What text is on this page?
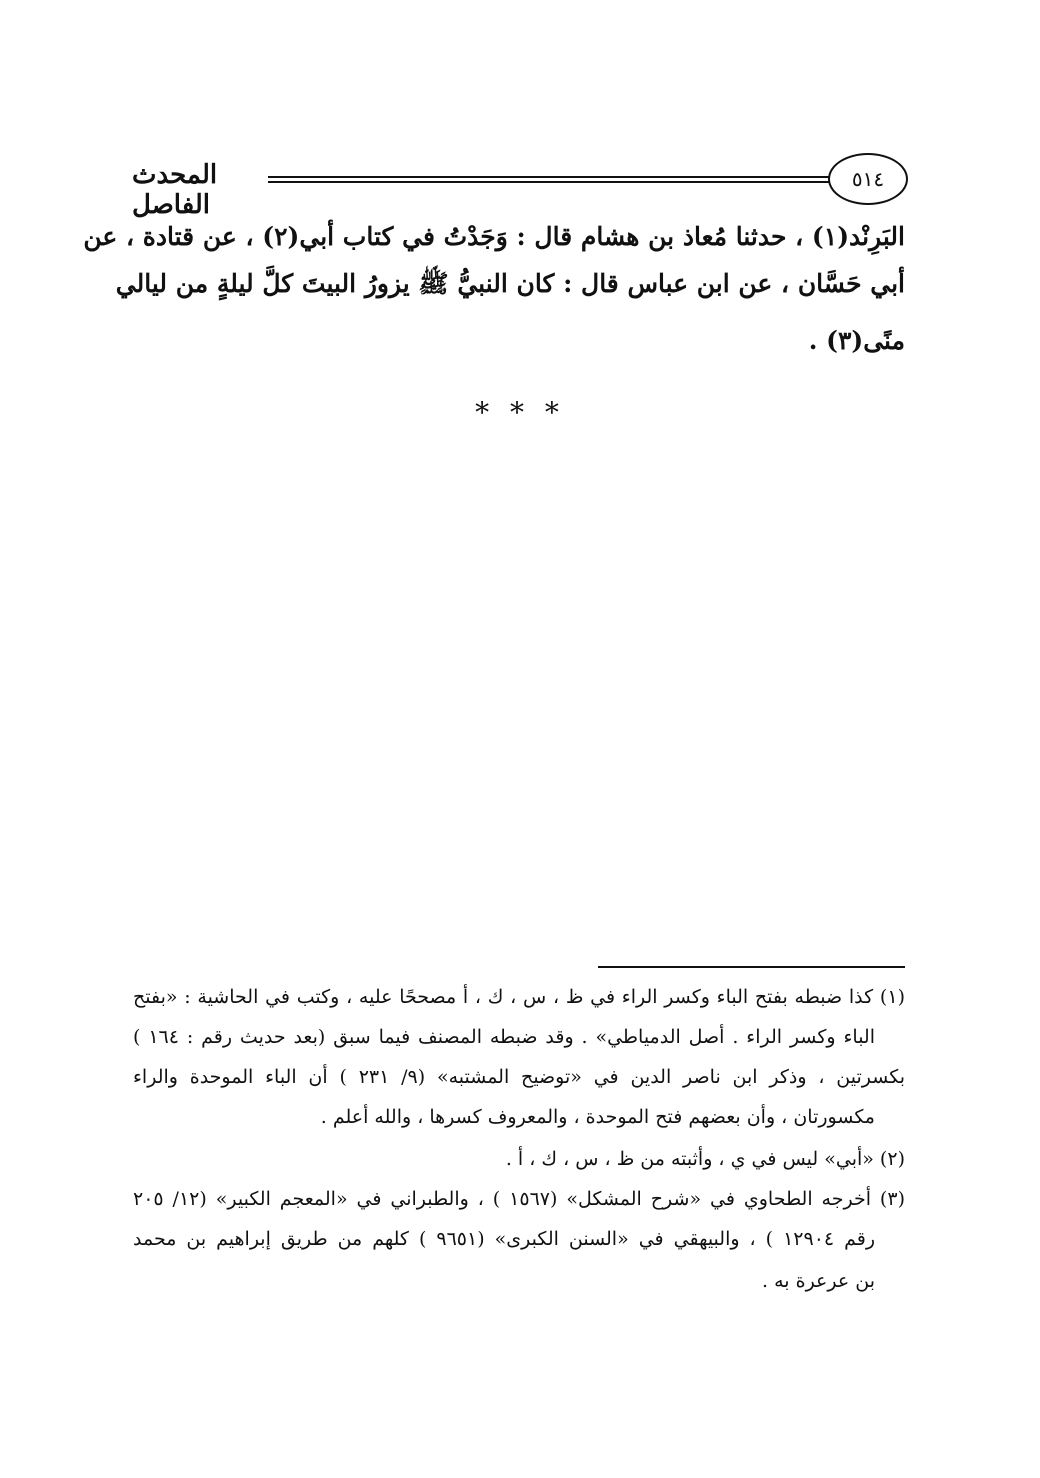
المحدث الفاصل
٥١٤
البَرِنْد(١) ، حدثنا مُعاذ بن هشام قال : وَجَدْتُ في كتاب أبي(٢) ، عن قتادة ، عن
أبي حَسَّان ، عن ابن عباس قال : كان النبيُّ ﷺ يزورُ البيتَ كلَّ ليلةٍ من ليالي
منًى(٣) .
* * *
(١) كذا ضبطه بفتح الباء وكسر الراء في ظ ، س ، ك ، أ مصححًا عليه ، وكتب في الحاشية : «بفتح
الباء وكسر الراء . أصل الدمياطي» . وقد ضبطه المصنف فيما سبق (بعد حديث رقم : ١٦٤ )
بكسرتين ، وذكر ابن ناصر الدين في «توضيح المشتبه» (٩/ ٢٣١ ) أن الباء الموحدة والراء
مكسورتان ، وأن بعضهم فتح الموحدة ، والمعروف كسرها ، والله أعلم .
(٢) «أبي» ليس في ي ، وأثبته من ظ ، س ، ك ، أ .
(٣) أخرجه الطحاوي في «شرح المشكل» (١٥٦٧ ) ، والطبراني في «المعجم الكبير» (١٢/ ٢٠٥
رقم ١٢٩٠٤ ) ، والبيهقي في «السنن الكبرى» (٩٦٥١ ) كلهم من طريق إبراهيم بن محمد
بن عرعرة به .
